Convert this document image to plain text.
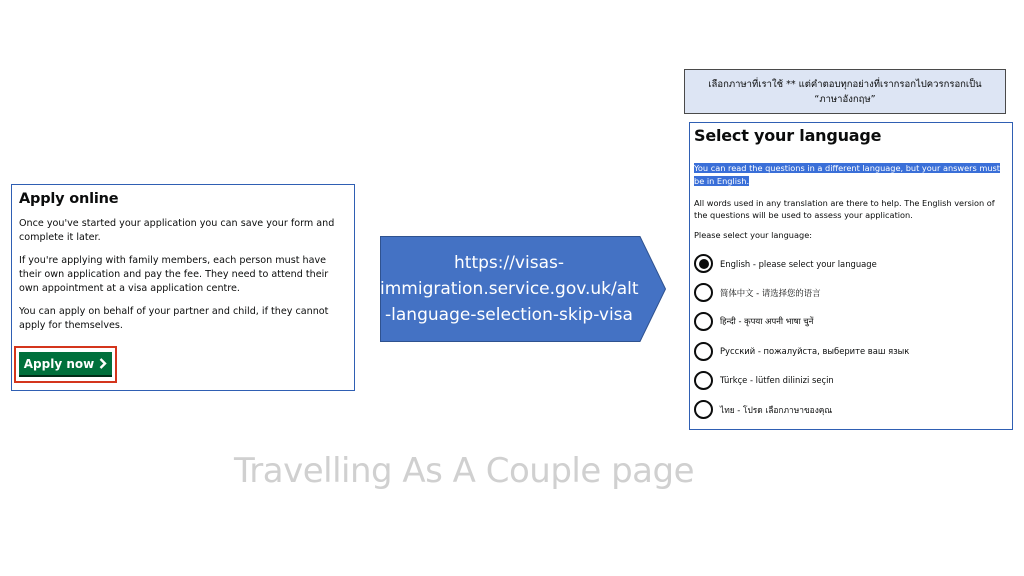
Apply online

Once you've started your application you can save your form and complete it later.

If you're applying with family members, each person must have their own application and pay the fee. They need to attend their own appointment at a visa application centre.

You can apply on behalf of your partner and child, if they cannot apply for themselves.

Apply now
https://visas-
immigration.service.gov.uk/alt
-language-selection-skip-visa
Travelling As A Couple page
เลือกภาษาที่เราใช้ ** แต่คำตอบทุกอย่างที่เรากรอกไปควรกรอกเป็น
“ภาษาอังกฤษ”
Select your language

You can read the questions in a different language, but your answers must be in English.

All words used in any translation are there to help. The English version of the questions will be used to assess your application.

Please select your language:

English - please select your language
简体中文 - 请选择您的语言
हिन्दी - कृपया अपनी भाषा चुनें
Русский - пожалуйста, выберите ваш язык
Türkçe - lütfen dilinizi seçin
ไทย - โปรด เลือกภาษาของคุณ
